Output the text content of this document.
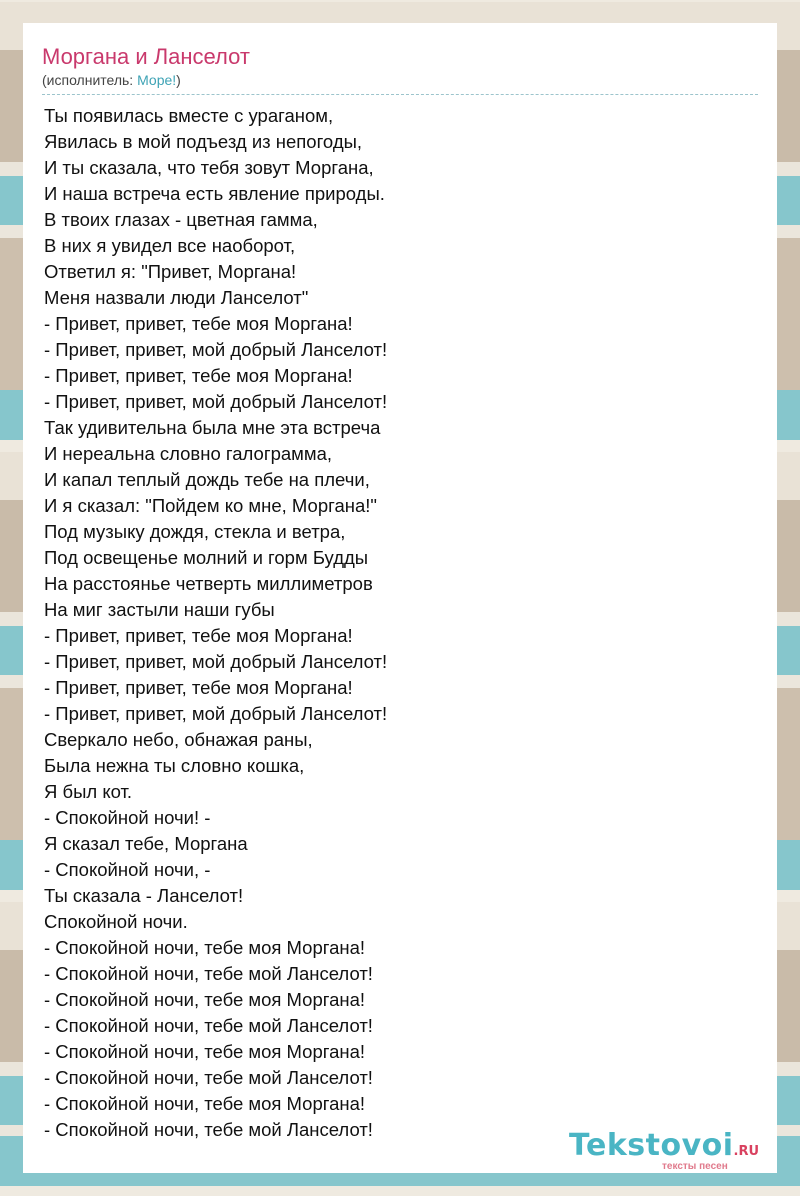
Моргана и Ланселот
(исполнитель: Море!)
Ты появилась вместе с ураганом,
Явилась в мой подъезд из непогоды,
И ты сказала, что тебя зовут Моргана,
И наша встреча есть явление природы.
В твоих глазах - цветная гамма,
В них я увидел все наоборот,
Ответил я: "Привет, Моргана!
Меня назвали люди Ланселот"
- Привет, привет, тебе моя Моргана!
- Привет, привет, мой добрый Ланселот!
- Привет, привет, тебе моя Моргана!
- Привет, привет, мой добрый Ланселот!
Так удивительна была мне эта встреча
И нереальна словно галограмма,
И капал теплый дождь тебе на плечи,
И я сказал: "Пойдем ко мне, Моргана!"
Под музыку дождя, стекла и ветра,
Под освещенье молний и горм Будды
На расстоянье четверть миллиметров
На миг застыли наши губы
- Привет, привет, тебе моя Моргана!
- Привет, привет, мой добрый Ланселот!
- Привет, привет, тебе моя Моргана!
- Привет, привет, мой добрый Ланселот!
Сверкало небо, обнажая раны,
Была нежна ты словно кошка,
Я был кот.
- Спокойной ночи! -
Я сказал тебе, Моргана
- Спокойной ночи, -
Ты сказала - Ланселот!
Спокойной ночи.
- Спокойной ночи, тебе моя Моргана!
- Спокойной ночи, тебе мой Ланселот!
- Спокойной ночи, тебе моя Моргана!
- Спокойной ночи, тебе мой Ланселот!
- Спокойной ночи, тебе моя Моргана!
- Спокойной ночи, тебе мой Ланселот!
- Спокойной ночи, тебе моя Моргана!
- Спокойной ночи, тебе мой Ланселот!	Tekstovoi.RU
тексты песен
